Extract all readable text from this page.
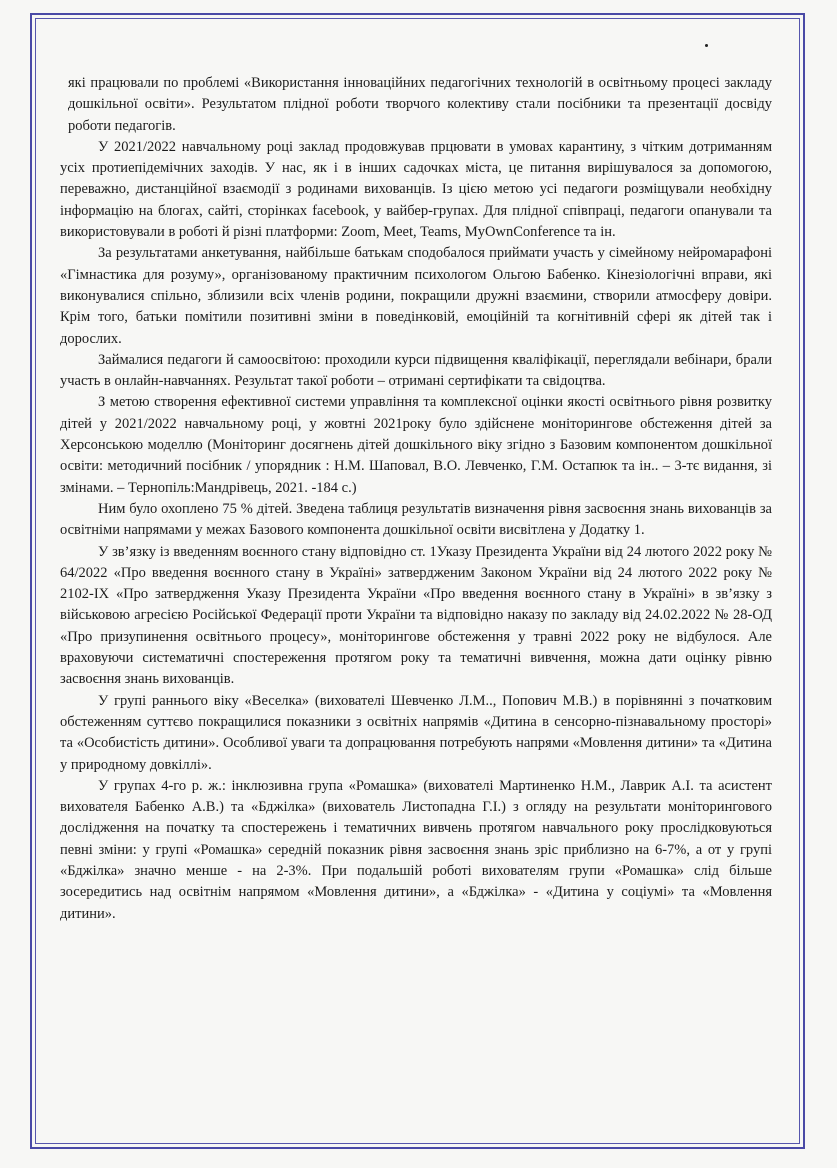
які працювали по проблемі «Використання інноваційних педагогічних технологій в освітньому процесі закладу дошкільної освіти». Результатом плідної роботи творчого колективу стали посібники та презентації досвіду роботи педагогів.

У 2021/2022 навчальному році заклад продовжував прцювати в умовах карантину, з чітким дотриманням усіх протиепідемічних заходів. У нас, як і в інших садочках міста, це питання вирішувалося за допомогою, переважно, дистанційної взаємодії з родинами вихованців. Із цією метою усі педагоги розміщували необхідну інформацію на блогах, сайті, сторінках facebook, у вайбер-групах. Для плідної співпраці, педагоги опанували та використовували в роботі й різні платформи: Zoom, Meet, Teams, MyOwnConference та ін.

За результатами анкетування, найбільше батькам сподобалося приймати участь у сімейному нейромарафоні «Гімнастика для розуму», організованому практичним психологом Ольгою Бабенко. Кінезіологічні вправи, які виконувалися спільно, зблизили всіх членів родини, покращили дружні взаємини, створили атмосферу довіри. Крім того, батьки помітили позитивні зміни в поведінковій, емоційній та когнітивній сфері як дітей так і дорослих.

Займалися педагоги й самоосвітою: проходили курси підвищення кваліфікації, переглядали вебінари, брали участь в онлайн-навчаннях. Результат такої роботи – отримані сертифікати та свідоцтва.

З метою створення ефективної системи управління та комплексної оцінки якості освітнього рівня розвитку дітей у 2021/2022 навчальному році, у жовтні 2021року було здійснене моніторингове обстеження дітей за Херсонською моделлю (Моніторинг досягнень дітей дошкільного віку згідно з Базовим компонентом дошкільної освіти: методичний посібник / упорядник : Н.М. Шаповал, В.О. Левченко, Г.М. Остапюк та ін.. – 3-тє видання, зі змінами. – Тернопіль:Мандрівець, 2021. -184 с.)

Ним було охоплено 75 % дітей. Зведена таблиця результатів визначення рівня засвоєння знань вихованців за освітніми напрямами у межах Базового компонента дошкільної освіти висвітлена у Додатку 1.

У зв’язку із введенням воєнного стану відповідно ст. 1Указу Президента України від 24 лютого 2022 року № 64/2022 «Про введення воєнного стану в Україні» затвердженим Законом України від 24 лютого 2022 року № 2102-IX «Про затвердження Указу Президента України «Про введення воєнного стану в Україні» в зв’язку з військовою агресією Російської Федерації проти України та відповідно наказу по закладу від 24.02.2022 № 28-ОД «Про призупинення освітнього процесу», моніторингове обстеження у травні 2022 року не відбулося. Але враховуючи систематичні спостереження протягом року та тематичні вивчення, можна дати оцінку рівню засвоєння знань вихованців.

У групі раннього віку «Веселка» (вихователі Шевченко Л.М.., Попович М.В.) в порівнянні з початковим обстеженням суттєво покращилися показники з освітніх напрямів «Дитина в сенсорно-пізнавальному просторі» та «Особистість дитини». Особливої уваги та допрацювання потребують напрями «Мовлення дитини» та «Дитина у природному довкіллі».

У групах 4-го р. ж.: інклюзивна група «Ромашка» (вихователі Мартиненко Н.М., Лаврик А.І. та асистент вихователя Бабенко А.В.) та «Бджілка» (вихователь Листопадна Г.І.) з огляду на результати моніторингового дослідження на початку та спостережень і тематичних вивчень протягом навчального року прослідковуються певні зміни: у групі «Ромашка» середній показник рівня засвоєння знань зріс приблизно на 6-7%, а от у групі «Бджілка» значно менше - на 2-3%. При подальшій роботі вихователям групи «Ромашка» слід більше зосередитись над освітнім напрямом «Мовлення дитини», а «Бджілка» - «Дитина у соціумі» та «Мовлення дитини».
